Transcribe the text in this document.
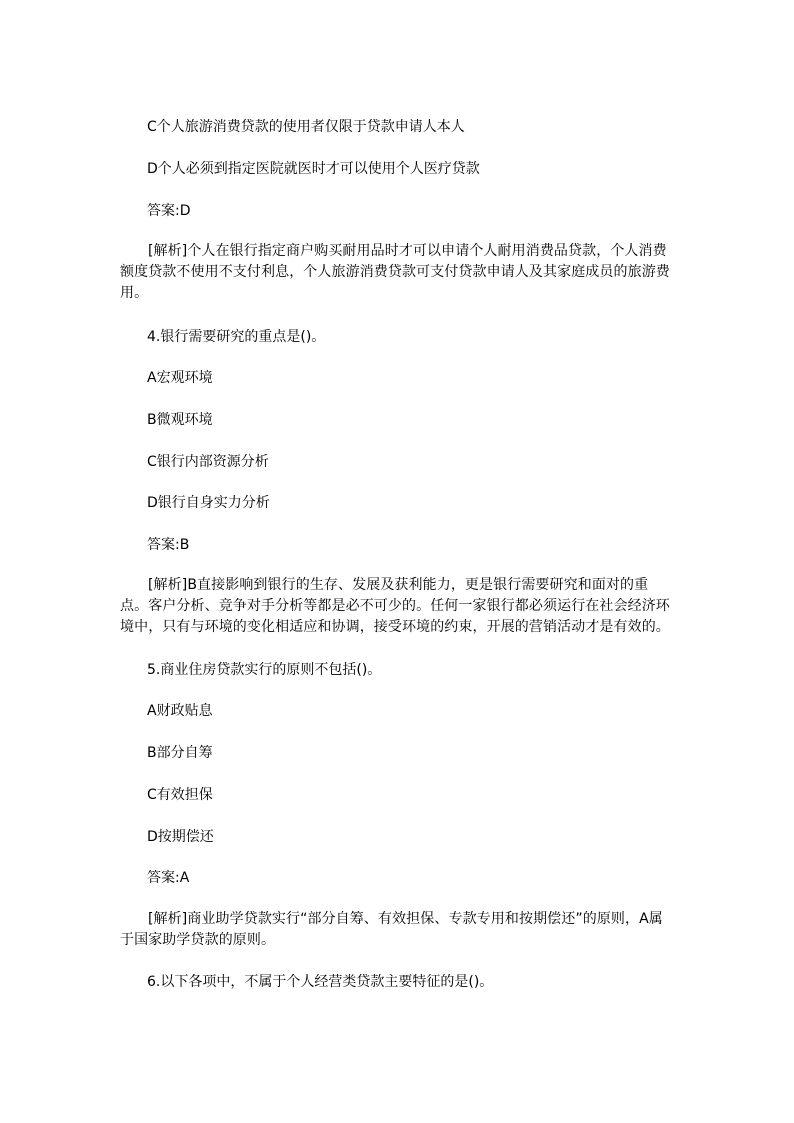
C个人旅游消费贷款的使用者仅限于贷款申请人本人
D个人必须到指定医院就医时才可以使用个人医疗贷款
答案:D
[解析]个人在银行指定商户购买耐用品时才可以申请个人耐用消费品贷款，个人消费额度贷款不使用不支付利息，个人旅游消费贷款可支付贷款申请人及其家庭成员的旅游费用。
4.银行需要研究的重点是()。
A宏观环境
B微观环境
C银行内部资源分析
D银行自身实力分析
答案:B
[解析]B直接影响到银行的生存、发展及获利能力，更是银行需要研究和面对的重点。客户分析、竞争对手分析等都是必不可少的。任何一家银行都必须运行在社会经济环境中，只有与环境的变化相适应和协调，接受环境的约束，开展的营销活动才是有效的。
5.商业住房贷款实行的原则不包括()。
A财政贴息
B部分自筹
C有效担保
D按期偿还
答案:A
[解析]商业助学贷款实行“部分自筹、有效担保、专款专用和按期偿还”的原则，A属于国家助学贷款的原则。
6.以下各项中，不属于个人经营类贷款主要特征的是()。
